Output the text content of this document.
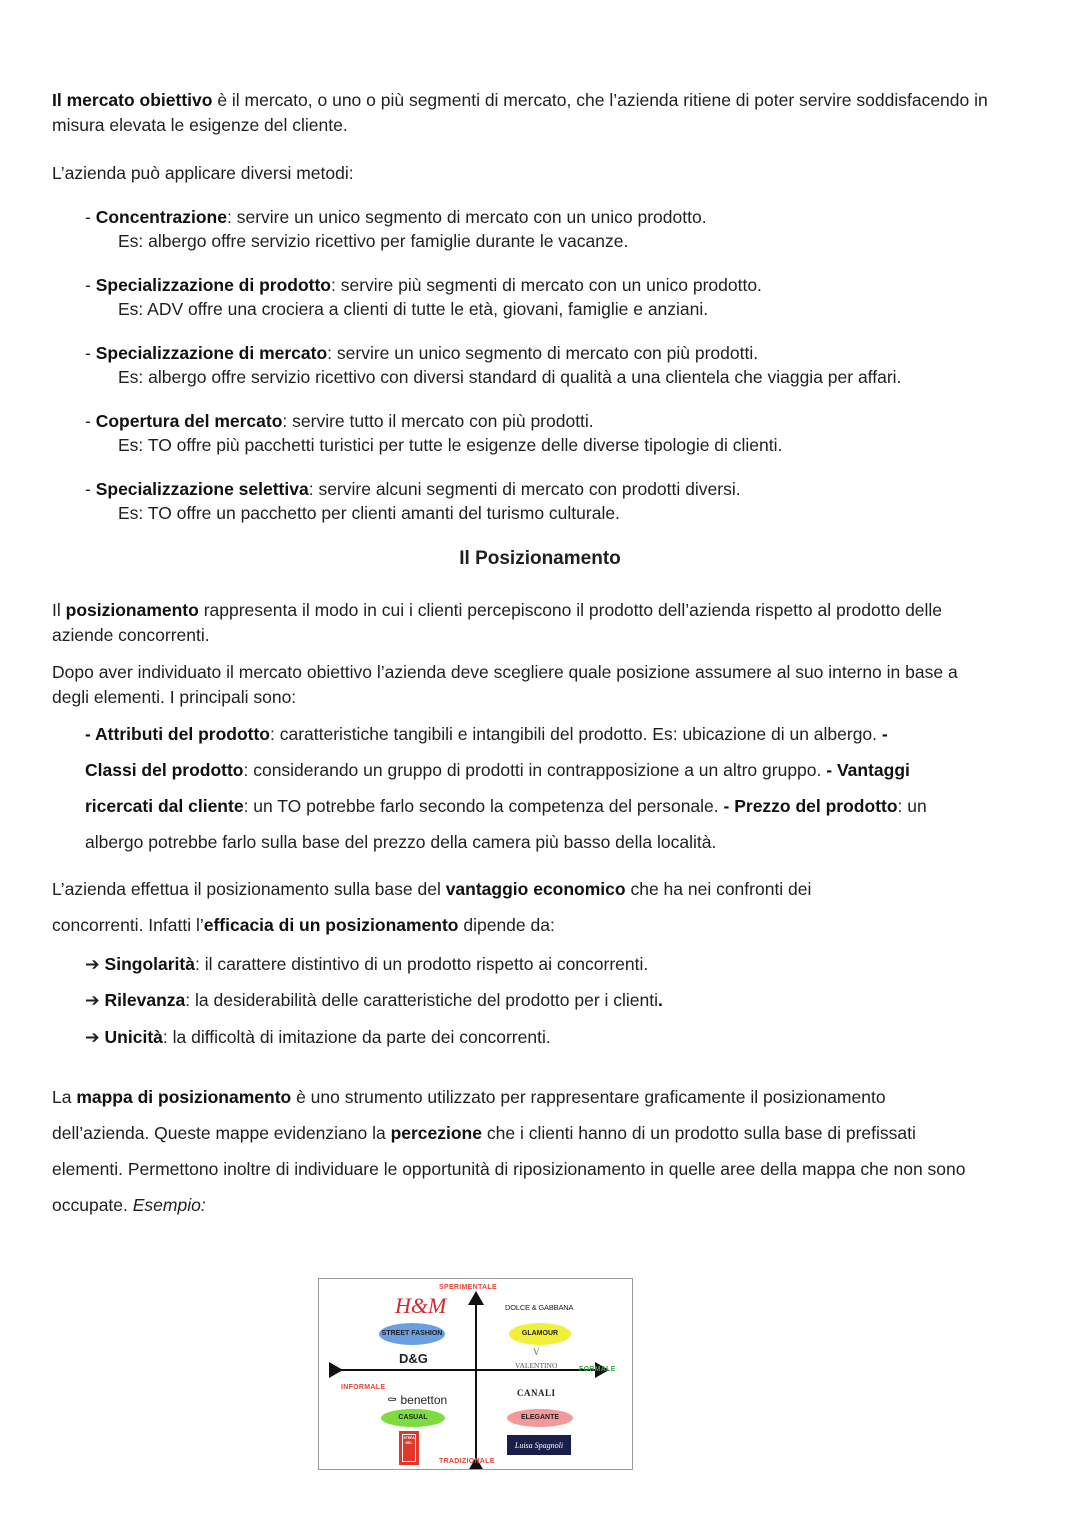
Il mercato obiettivo è il mercato, o uno o più segmenti di mercato, che l’azienda ritiene di poter servire soddisfacendo in
misura elevata le esigenze del cliente.

L’azienda può applicare diversi metodi:

- Concentrazione: servire un unico segmento di mercato con un unico prodotto.
Es: albergo offre servizio ricettivo per famiglie durante le vacanze.
- Specializzazione di prodotto: servire più segmenti di mercato con un unico prodotto.
Es: ADV offre una crociera a clienti di tutte le età, giovani, famiglie e anziani.
- Specializzazione di mercato: servire un unico segmento di mercato con più prodotti.
Es: albergo offre servizio ricettivo con diversi standard di qualità a una clientela che viaggia per affari.
- Copertura del mercato: servire tutto il mercato con più prodotti.
Es: TO offre più pacchetti turistici per tutte le esigenze delle diverse tipologie di clienti.
- Specializzazione selettiva: servire alcuni segmenti di mercato con prodotti diversi.
Es: TO offre un pacchetto per clienti amanti del turismo culturale.
Il Posizionamento

Il posizionamento rappresenta il modo in cui i clienti percepiscono il prodotto dell’azienda rispetto al prodotto delle
aziende concorrenti.

Dopo aver individuato il mercato obiettivo l’azienda deve scegliere quale posizione assumere al suo interno in base a
degli elementi. I principali sono:

- Attributi del prodotto: caratteristiche tangibili e intangibili del prodotto. Es: ubicazione di un albergo. -
Classi del prodotto: considerando un gruppo di prodotti in contrapposizione a un altro gruppo. - Vantaggi
ricercati dal cliente: un TO potrebbe farlo secondo la competenza del personale. - Prezzo del prodotto: un
albergo potrebbe farlo sulla base del prezzo della camera più basso della località.
L’azienda effettua il posizionamento sulla base del vantaggio economico che ha nei confronti dei
concorrenti. Infatti l’efficacia di un posizionamento dipende da:
➔ Singolarità: il carattere distintivo di un prodotto rispetto ai concorrenti.
➔ Rilevanza: la desiderabilità delle caratteristiche del prodotto per i clienti.
➔ Unicità: la difficoltà di imitazione da parte dei concorrenti.
La mappa di posizionamento è uno strumento utilizzato per rappresentare graficamente il posizionamento
dell’azienda. Queste mappe evidenziano la percezione che i clienti hanno di un prodotto sulla base di prefissati
elementi. Permettono inoltre di individuare le opportunità di riposizionamento in quelle aree della mappa che non sono
occupate. Esempio:
SPERIMENTALE
TRADIZIONALE
INFORMALE
FORMALE
H&M
STREET FASHION
D&G
DOLCE & GABBANA
GLAMOUR
V
VALENTINO
⚰ benetton
CASUAL
STEFANEL
CANALI
ELEGANTE
Luisa Spagnoli
